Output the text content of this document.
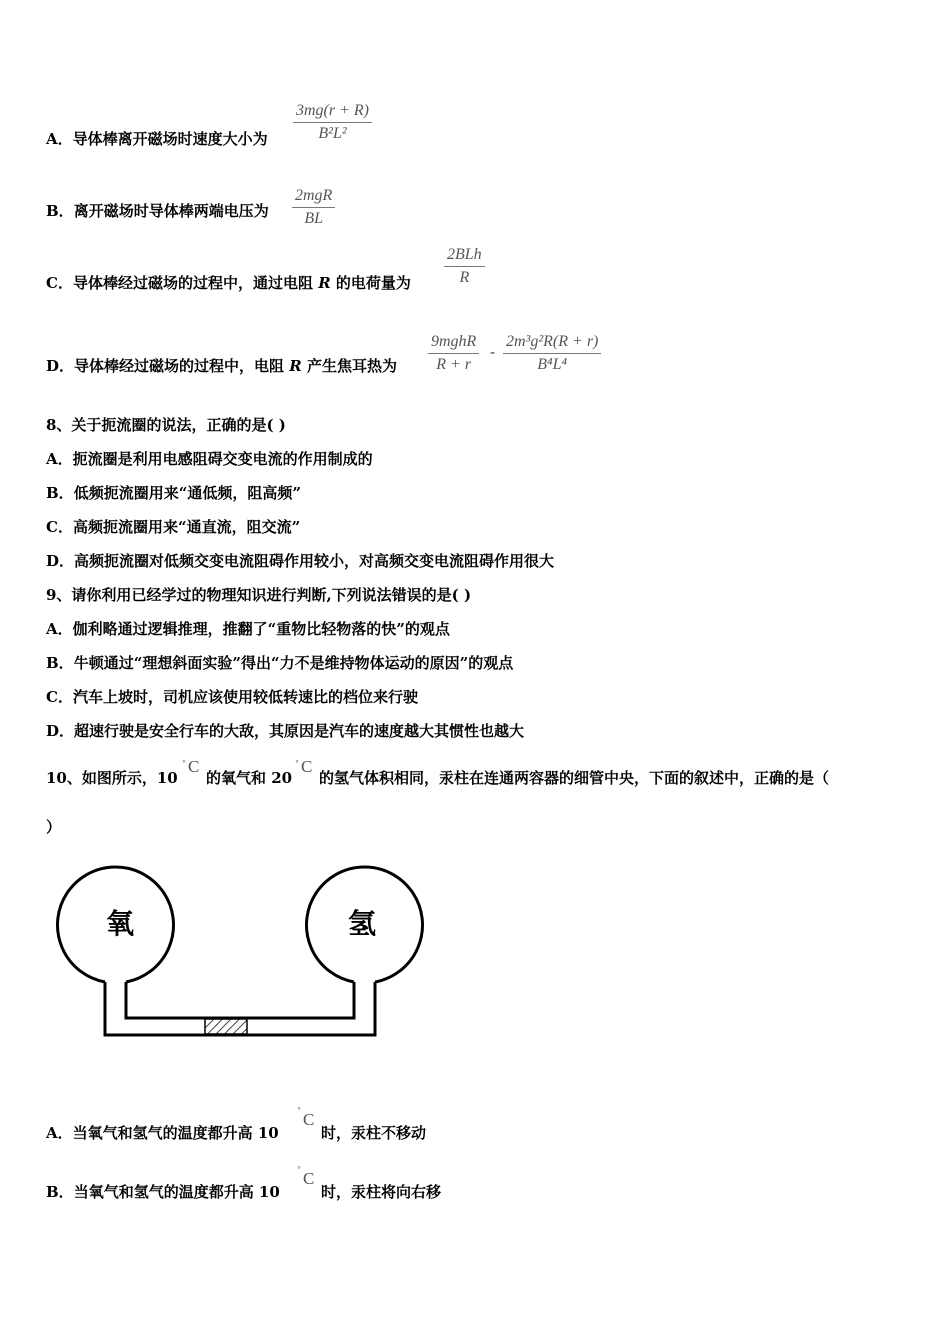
A．导体棒离开磁场时速度大小为 $\frac{3mg(r + R)}{\text{B²L²}}$
B．离开磁场时导体棒两端电压为
2mgR
BL
C．导体棒经过磁场的过程中，通过电阻 R 的电荷量为
2BLh
R
D．导体棒经过磁场的过程中，电阻 R 产生焦耳热为
9mghR
R + r
- $\frac{\text{2m³g²R(R + r)}}{\text{B⁴L⁴}}$
8、关于扼流圈的说法，正确的是( )
A．扼流圈是利用电感阻碍交变电流的作用制成的
B．低频扼流圈用来“通低频，阻高频”
C．高频扼流圈用来“通直流，阻交流”
D．高频扼流圈对低频交变电流阻碍作用较小，对高频交变电流阻碍作用很大
9、请你利用已经学过的物理知识进行判断,下列说法错误的是( )
A．伽利略通过逻辑推理，推翻了“重物比轻物落的快”的观点
B．牛顿通过“理想斜面实验”得出“力不是维持物体运动的原因”的观点
C．汽车上坡时，司机应该使用较低转速比的档位来行驶
D．超速行驶是安全行车的大敌，其原因是汽车的速度越大其惯性也越大
10、如图所示，10
° C
的氧气和 20
° C
的氢气体积相同，汞柱在连通两容器的细管中央，下面的叙述中，正确的是（
）
氧	氢
A．当氧气和氢气的温度都升高 10
° C
时，汞柱不移动
B．当氧气和氢气的温度都升高 10
° C
时，汞柱将向右移
